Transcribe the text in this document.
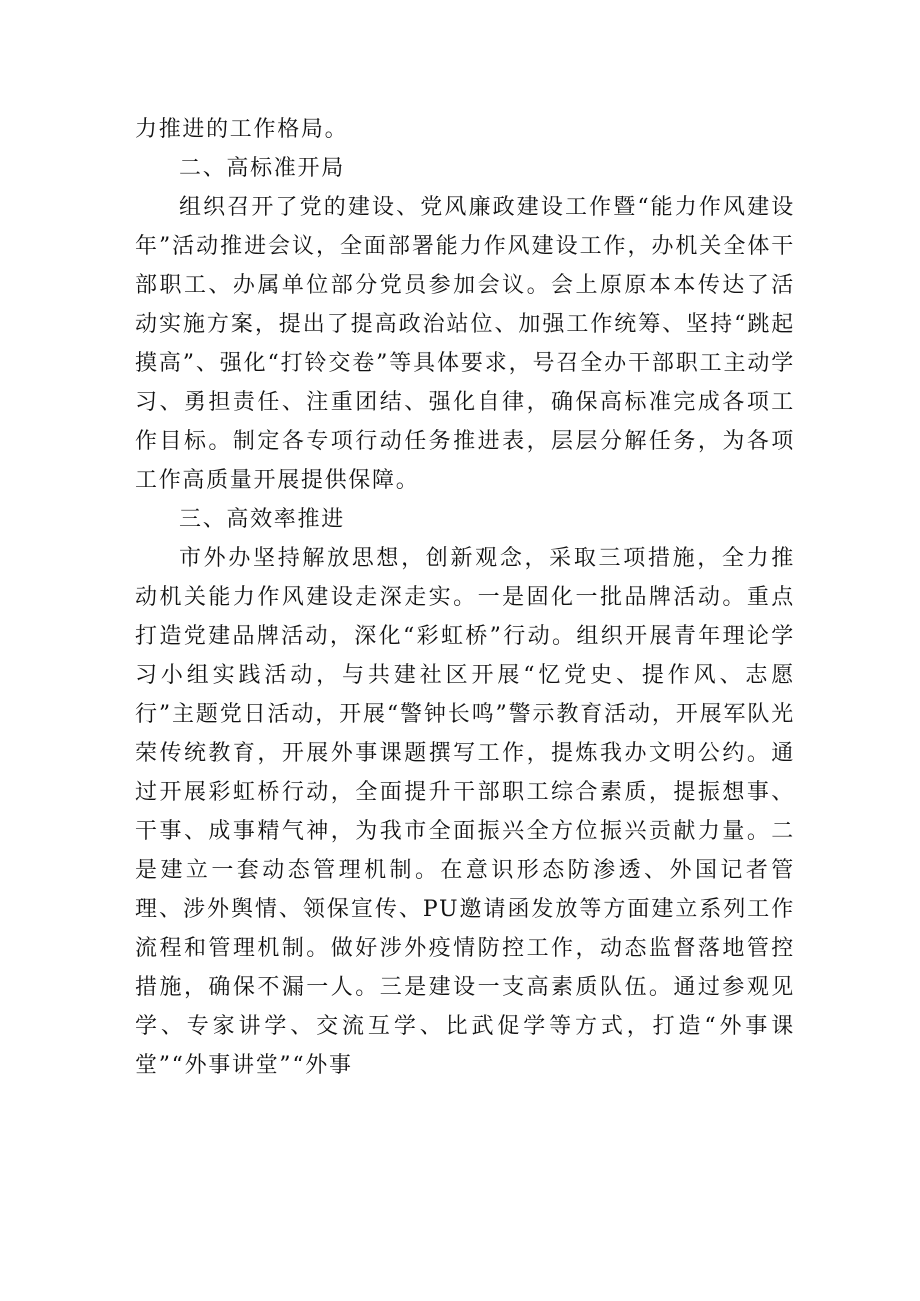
力推进的工作格局。

二、高标准开局

组织召开了党的建设、党风廉政建设工作暨“能力作风建设年”活动推进会议，全面部署能力作风建设工作，办机关全体干部职工、办属单位部分党员参加会议。会上原原本本传达了活动实施方案，提出了提高政治站位、加强工作统筹、坚持“跳起摸高”、强化“打铃交卷”等具体要求，号召全办干部职工主动学习、勇担责任、注重团结、强化自律，确保高标准完成各项工作目标。制定各专项行动任务推进表，层层分解任务，为各项工作高质量开展提供保障。

三、高效率推进

市外办坚持解放思想，创新观念，采取三项措施，全力推动机关能力作风建设走深走实。一是固化一批品牌活动。重点打造党建品牌活动，深化“彩虹桥”行动。组织开展青年理论学习小组实践活动，与共建社区开展“忆党史、提作风、志愿行”主题党日活动，开展“警钟长鸣”警示教育活动，开展军队光荣传统教育，开展外事课题撰写工作，提炼我办文明公约。通过开展彩虹桥行动，全面提升干部职工综合素质，提振想事、干事、成事精气神，为我市全面振兴全方位振兴贡献力量。二是建立一套动态管理机制。在意识形态防渗透、外国记者管理、涉外舆情、领保宣传、PU邀请函发放等方面建立系列工作流程和管理机制。做好涉外疫情防控工作，动态监督落地管控措施，确保不漏一人。三是建设一支高素质队伍。通过参观见学、专家讲学、交流互学、比武促学等方式，打造“外事课堂”“外事讲堂”“外事
